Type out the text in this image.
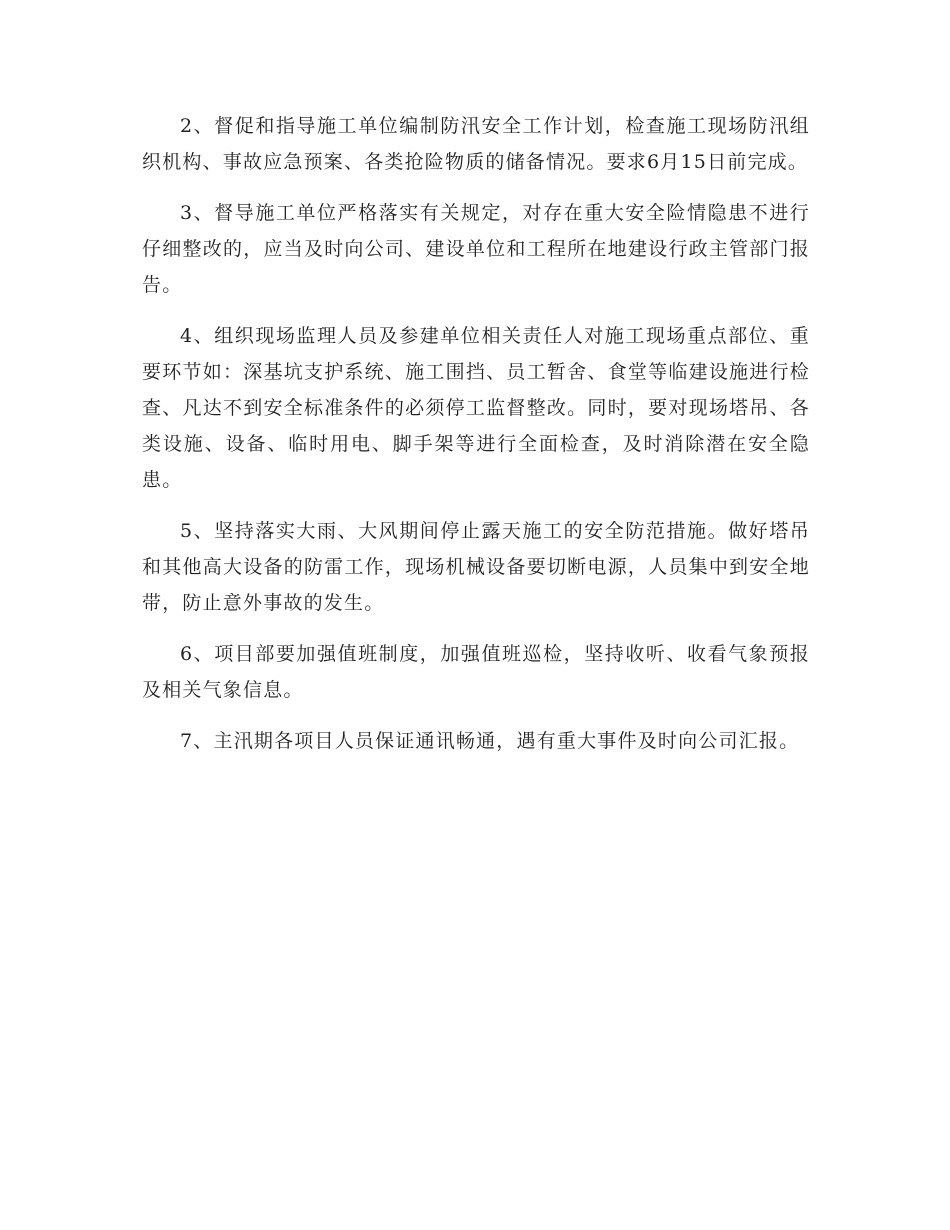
2、督促和指导施工单位编制防汛安全工作计划，检查施工现场防汛组织机构、事故应急预案、各类抢险物质的储备情况。要求6月15日前完成。

3、督导施工单位严格落实有关规定，对存在重大安全险情隐患不进行仔细整改的，应当及时向公司、建设单位和工程所在地建设行政主管部门报告。

4、组织现场监理人员及参建单位相关责任人对施工现场重点部位、重要环节如：深基坑支护系统、施工围挡、员工暂舍、食堂等临建设施进行检查、凡达不到安全标准条件的必须停工监督整改。同时，要对现场塔吊、各类设施、设备、临时用电、脚手架等进行全面检查，及时消除潜在安全隐患。

5、坚持落实大雨、大风期间停止露天施工的安全防范措施。做好塔吊和其他高大设备的防雷工作，现场机械设备要切断电源，人员集中到安全地带，防止意外事故的发生。

6、项目部要加强值班制度，加强值班巡检，坚持收听、收看气象预报及相关气象信息。

7、主汛期各项目人员保证通讯畅通，遇有重大事件及时向公司汇报。
